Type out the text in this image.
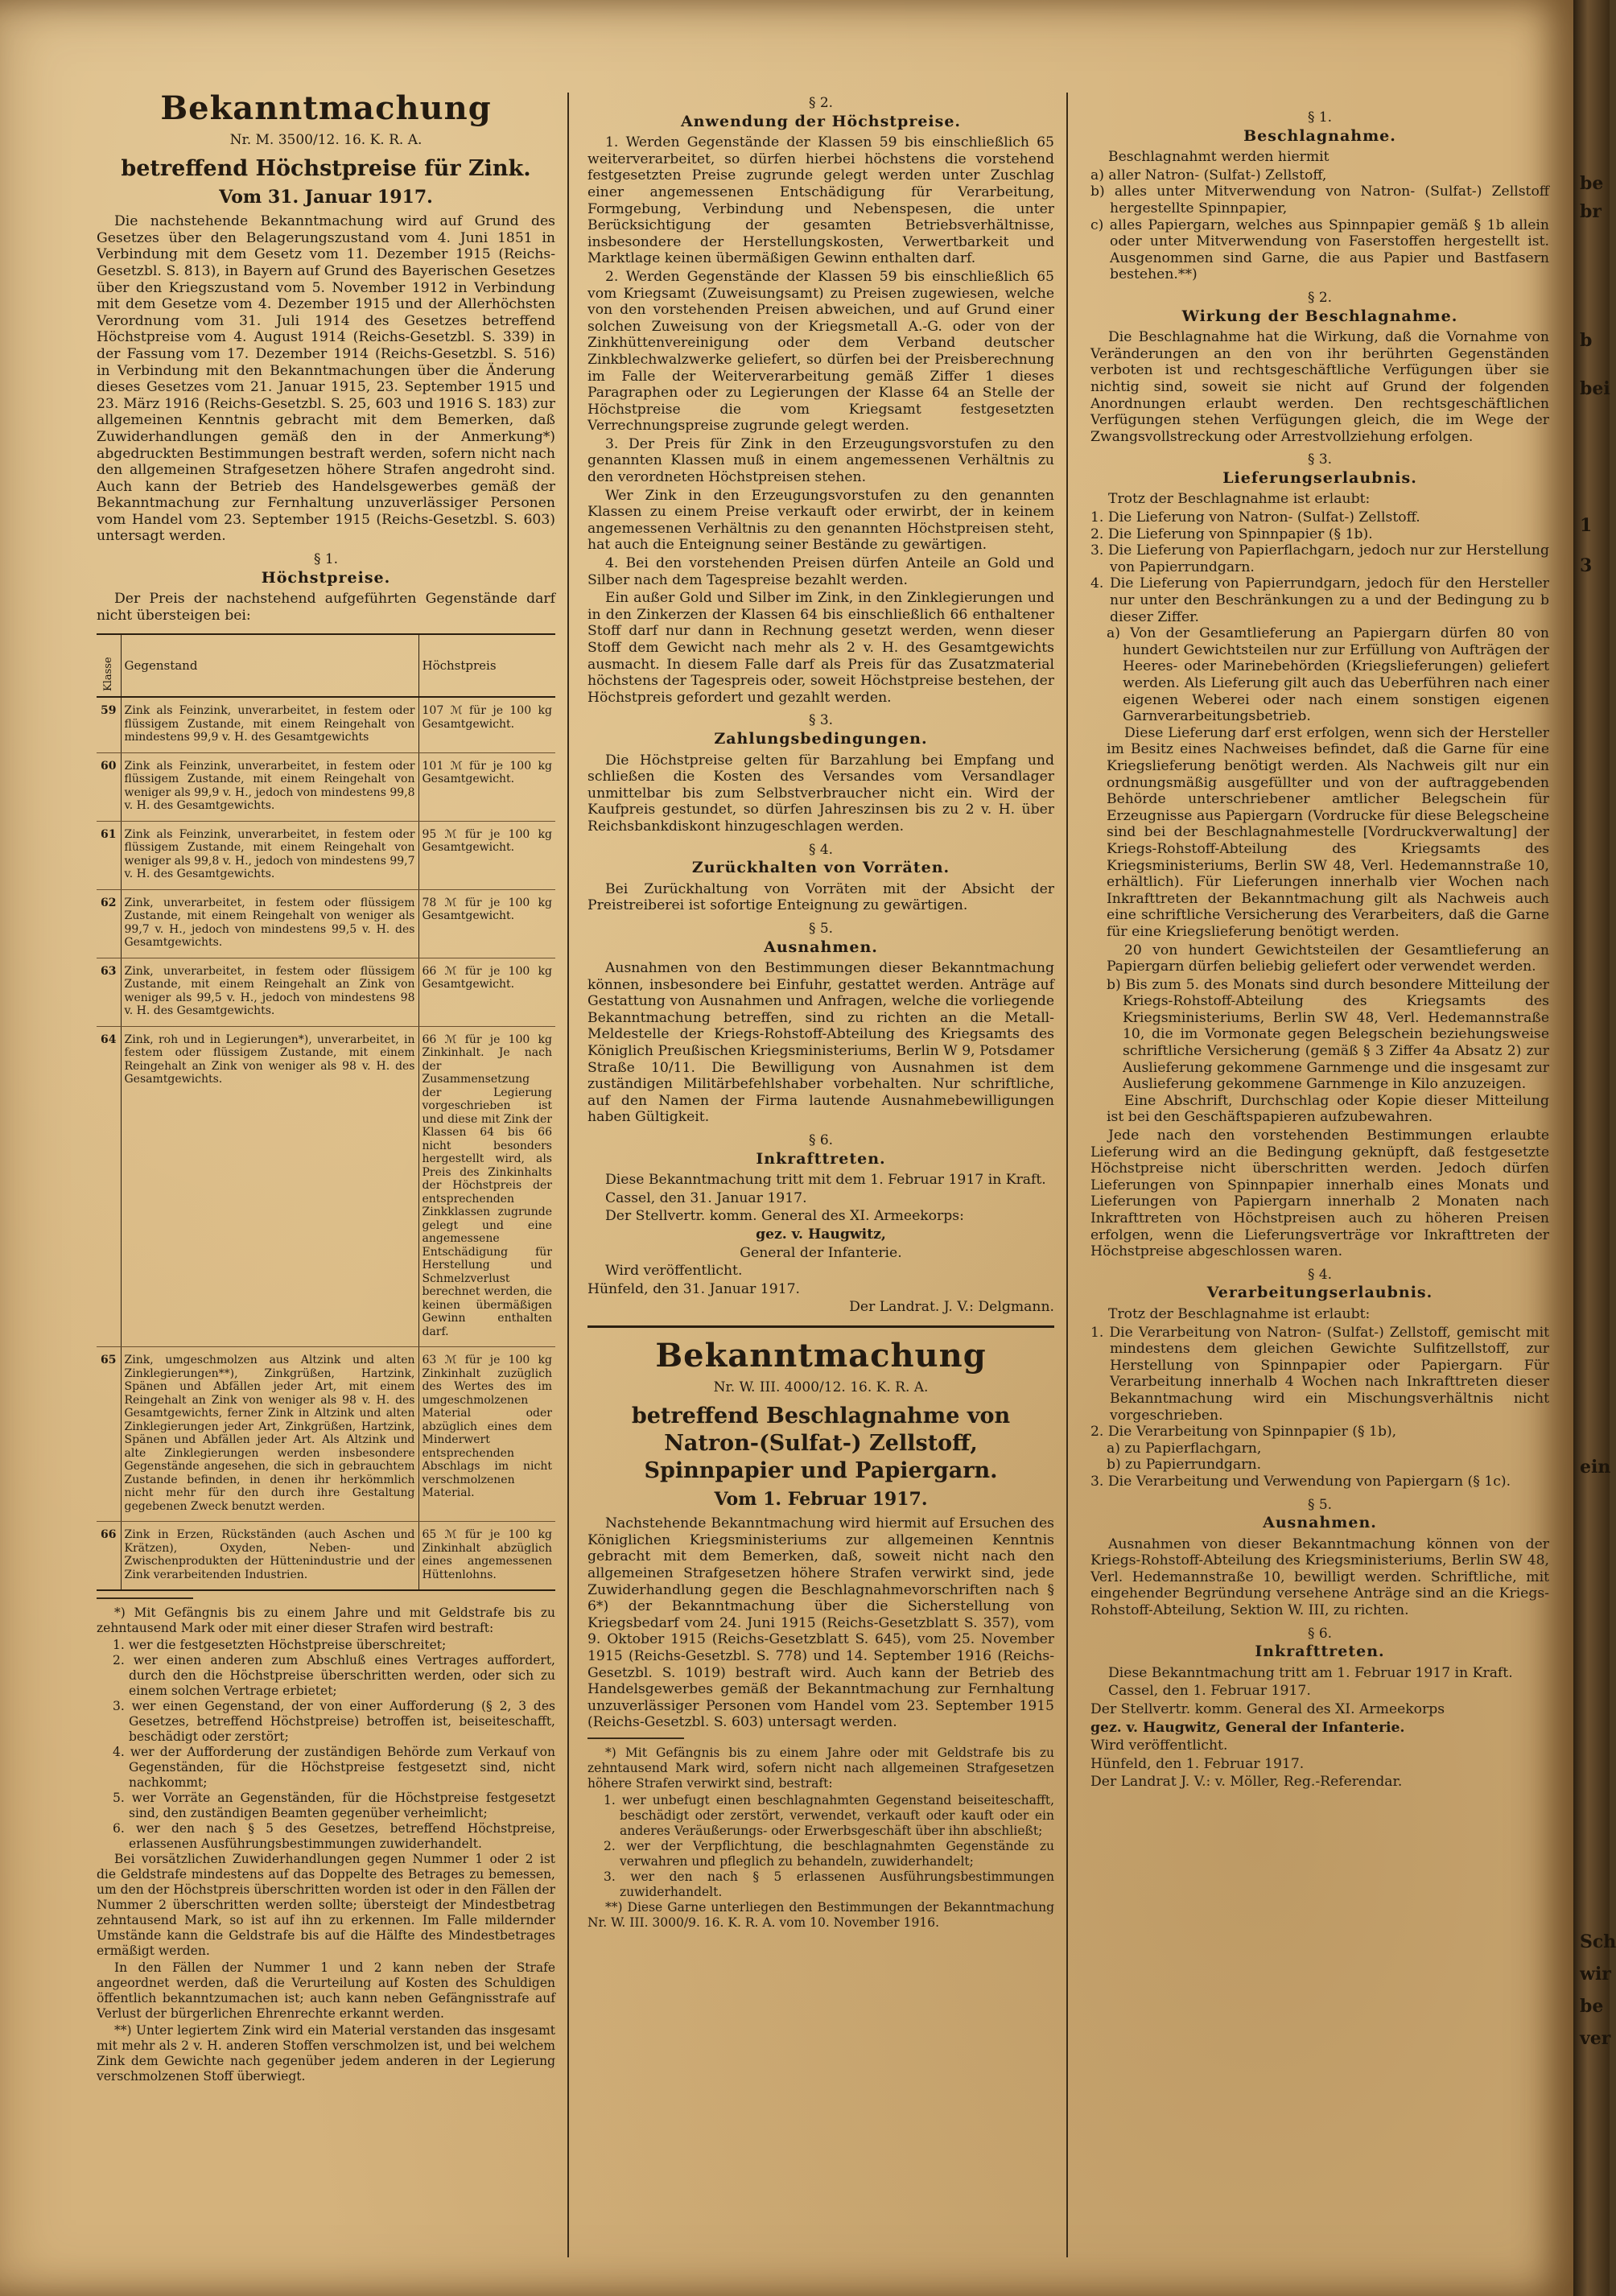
Bekanntmachung
Nr. M. 3500/12. 16. K. R. A.
betreffend Höchstpreise für Zink.
Vom 31. Januar 1917.
Die nachstehende Bekanntmachung wird auf Grund des Gesetzes über den Belagerungszustand vom 4. Juni 1851 in Verbindung mit dem Gesetz vom 11. Dezember 1915 (Reichs-Gesetzbl. S. 813), in Bayern auf Grund des Bayerischen Gesetzes über den Kriegszustand vom 5. November 1912 in Verbindung mit dem Gesetze vom 4. Dezember 1915 und der Allerhöchsten Verordnung vom 31. Juli 1914 des Gesetzes betreffend Höchstpreise vom 4. August 1914 (Reichs-Gesetzbl. S. 339) in der Fassung vom 17. Dezember 1914 (Reichs-Gesetzbl. S. 516) in Verbindung mit den Bekanntmachungen über die Änderung dieses Gesetzes vom 21. Januar 1915, 23. September 1915 und 23. März 1916 (Reichs-Gesetzbl. S. 25, 603 und 1916 S. 183) zur allgemeinen Kenntnis gebracht mit dem Bemerken, daß Zuwiderhandlungen gemäß den in der Anmerkung*) abgedruckten Bestimmungen bestraft werden, sofern nicht nach den allgemeinen Strafgesetzen höhere Strafen angedroht sind. Auch kann der Betrieb des Handelsgewerbes gemäß der Bekanntmachung zur Fernhaltung unzuverlässiger Personen vom Handel vom 23. September 1915 (Reichs-Gesetzbl. S. 603) untersagt werden.
§ 1.
Höchstpreise.
Der Preis der nachstehend aufgeführten Gegenstände darf nicht übersteigen bei:
Klasse	Gegenstand	Höchstpreis
59	Zink als Feinzink, unverarbeitet, in festem oder flüssigem Zustande, mit einem Reingehalt von mindestens 99,9 v. H. des Gesamtgewichts	107 ℳ für je 100 kg Gesamtgewicht.
60	Zink als Feinzink, unverarbeitet, in festem oder flüssigem Zustande, mit einem Reingehalt von weniger als 99,9 v. H., jedoch von mindestens 99,8 v. H. des Gesamtgewichts.	101 ℳ für je 100 kg Gesamtgewicht.
61	Zink als Feinzink, unverarbeitet, in festem oder flüssigem Zustande, mit einem Reingehalt von weniger als 99,8 v. H., jedoch von mindestens 99,7 v. H. des Gesamtgewichts.	95 ℳ für je 100 kg Gesamtgewicht.
62	Zink, unverarbeitet, in festem oder flüssigem Zustande, mit einem Reingehalt von weniger als 99,7 v. H., jedoch von mindestens 99,5 v. H. des Gesamtgewichts.	78 ℳ für je 100 kg Gesamtgewicht.
63	Zink, unverarbeitet, in festem oder flüssigem Zustande, mit einem Reingehalt an Zink von weniger als 99,5 v. H., jedoch von mindestens 98 v. H. des Gesamtgewichts.	66 ℳ für je 100 kg Gesamtgewicht.
64	Zink, roh und in Legierungen*), unverarbeitet, in festem oder flüssigem Zustande, mit einem Reingehalt an Zink von weniger als 98 v. H. des Gesamtgewichts.	66 ℳ für je 100 kg Zinkinhalt. Je nach der Zusammensetzung der Legierung vorgeschrieben ist und diese mit Zink der Klassen 64 bis 66 nicht besonders hergestellt wird, als Preis des Zinkinhalts der Höchstpreis der entsprechenden Zinkklassen zugrunde gelegt und eine angemessene Entschädigung für Herstellung und Schmelzverlust berechnet werden, die keinen übermäßigen Gewinn enthalten darf.
65	Zink, umgeschmolzen aus Altzink und alten Zinklegierungen**), Zinkgrüßen, Hartzink, Spänen und Abfällen jeder Art, mit einem Reingehalt an Zink von weniger als 98 v. H. des Gesamtgewichts, ferner Zink in Altzink und alten Zinklegierungen jeder Art, Zinkgrüßen, Hartzink, Spänen und Abfällen jeder Art. Als Altzink und alte Zinklegierungen werden insbesondere Gegenstände angesehen, die sich in gebrauchtem Zustande befinden, in denen ihr herkömmlich nicht mehr für den durch ihre Gestaltung gegebenen Zweck benutzt werden.	63 ℳ für je 100 kg Zinkinhalt zuzüglich des Wertes des im umgeschmolzenen Material oder abzüglich eines dem Minderwert entsprechenden Abschlags im nicht verschmolzenen Material.
66	Zink in Erzen, Rückständen (auch Aschen und Krätzen), Oxyden, Neben- und Zwischenprodukten der Hüttenindustrie und der Zink verarbeitenden Industrien.	65 ℳ für je 100 kg Zinkinhalt abzüglich eines angemessenen Hüttenlohns.
*) Mit Gefängnis bis zu einem Jahre und mit Geldstrafe bis zu zehntausend Mark oder mit einer dieser Strafen wird bestraft:
1. wer die festgesetzten Höchstpreise überschreitet;
2. wer einen anderen zum Abschluß eines Vertrages auffordert, durch den die Höchstpreise überschritten werden, oder sich zu einem solchen Vertrage erbietet;
3. wer einen Gegenstand, der von einer Aufforderung (§ 2, 3 des Gesetzes, betreffend Höchstpreise) betroffen ist, beiseiteschafft, beschädigt oder zerstört;
4. wer der Aufforderung der zuständigen Behörde zum Verkauf von Gegenständen, für die Höchstpreise festgesetzt sind, nicht nachkommt;
5. wer Vorräte an Gegenständen, für die Höchstpreise festgesetzt sind, den zuständigen Beamten gegenüber verheimlicht;
6. wer den nach § 5 des Gesetzes, betreffend Höchstpreise, erlassenen Ausführungsbestimmungen zuwiderhandelt.
Bei vorsätzlichen Zuwiderhandlungen gegen Nummer 1 oder 2 ist die Geldstrafe mindestens auf das Doppelte des Betrages zu bemessen, um den der Höchstpreis überschritten worden ist oder in den Fällen der Nummer 2 überschritten werden sollte; übersteigt der Mindestbetrag zehntausend Mark, so ist auf ihn zu erkennen. Im Falle mildernder Umstände kann die Geldstrafe bis auf die Hälfte des Mindestbetrages ermäßigt werden.
In den Fällen der Nummer 1 und 2 kann neben der Strafe angeordnet werden, daß die Verurteilung auf Kosten des Schuldigen öffentlich bekanntzumachen ist; auch kann neben Gefängnisstrafe auf Verlust der bürgerlichen Ehrenrechte erkannt werden.
**) Unter legiertem Zink wird ein Material verstanden das insgesamt mit mehr als 2 v. H. anderen Stoffen verschmolzen ist, und bei welchem Zink dem Gewichte nach gegenüber jedem anderen in der Legierung verschmolzenen Stoff überwiegt.
§ 2.
Anwendung der Höchstpreise.
1. Werden Gegenstände der Klassen 59 bis einschließlich 65 weiterverarbeitet, so dürfen hierbei höchstens die vorstehend festgesetzten Preise zugrunde gelegt werden unter Zuschlag einer angemessenen Entschädigung für Verarbeitung, Formgebung, Verbindung und Nebenspesen, die unter Berücksichtigung der gesamten Betriebsverhältnisse, insbesondere der Herstellungskosten, Verwertbarkeit und Marktlage keinen übermäßigen Gewinn enthalten darf.
2. Werden Gegenstände der Klassen 59 bis einschließlich 65 vom Kriegsamt (Zuweisungsamt) zu Preisen zugewiesen, welche von den vorstehenden Preisen abweichen, und auf Grund einer solchen Zuweisung von der Kriegsmetall A.-G. oder von der Zinkhüttenvereinigung oder dem Verband deutscher Zinkblechwalzwerke geliefert, so dürfen bei der Preisberechnung im Falle der Weiterverarbeitung gemäß Ziffer 1 dieses Paragraphen oder zu Legierungen der Klasse 64 an Stelle der Höchstpreise die vom Kriegsamt festgesetzten Verrechnungspreise zugrunde gelegt werden.
3. Der Preis für Zink in den Erzeugungsvorstufen zu den genannten Klassen muß in einem angemessenen Verhältnis zu den verordneten Höchstpreisen stehen.
Wer Zink in den Erzeugungsvorstufen zu den genannten Klassen zu einem Preise verkauft oder erwirbt, der in keinem angemessenen Verhältnis zu den genannten Höchstpreisen steht, hat auch die Enteignung seiner Bestände zu gewärtigen.
4. Bei den vorstehenden Preisen dürfen Anteile an Gold und Silber nach dem Tagespreise bezahlt werden.
Ein außer Gold und Silber im Zink, in den Zinklegierungen und in den Zinkerzen der Klassen 64 bis einschließlich 66 enthaltener Stoff darf nur dann in Rechnung gesetzt werden, wenn dieser Stoff dem Gewicht nach mehr als 2 v. H. des Gesamtgewichts ausmacht. In diesem Falle darf als Preis für das Zusatzmaterial höchstens der Tagespreis oder, soweit Höchstpreise bestehen, der Höchstpreis gefordert und gezahlt werden.
§ 3.
Zahlungsbedingungen.
Die Höchstpreise gelten für Barzahlung bei Empfang und schließen die Kosten des Versandes vom Versandlager unmittelbar bis zum Selbstverbraucher nicht ein. Wird der Kaufpreis gestundet, so dürfen Jahreszinsen bis zu 2 v. H. über Reichsbankdiskont hinzugeschlagen werden.
§ 4.
Zurückhalten von Vorräten.
Bei Zurückhaltung von Vorräten mit der Absicht der Preistreiberei ist sofortige Enteignung zu gewärtigen.
§ 5.
Ausnahmen.
Ausnahmen von den Bestimmungen dieser Bekanntmachung können, insbesondere bei Einfuhr, gestattet werden. Anträge auf Gestattung von Ausnahmen und Anfragen, welche die vorliegende Bekanntmachung betreffen, sind zu richten an die Metall-Meldestelle der Kriegs-Rohstoff-Abteilung des Kriegsamts des Königlich Preußischen Kriegsministeriums, Berlin W 9, Potsdamer Straße 10/11. Die Bewilligung von Ausnahmen ist dem zuständigen Militärbefehlshaber vorbehalten. Nur schriftliche, auf den Namen der Firma lautende Ausnahmebewilligungen haben Gültigkeit.
§ 6.
Inkrafttreten.
Diese Bekanntmachung tritt mit dem 1. Februar 1917 in Kraft.
Cassel, den 31. Januar 1917.
Der Stellvertr. komm. General des XI. Armeekorps:
gez. v. Haugwitz,
General der Infanterie.
Wird veröffentlicht.
Hünfeld, den 31. Januar 1917.
Der Landrat. J. V.: Delgmann.
Bekanntmachung
Nr. W. III. 4000/12. 16. K. R. A.
betreffend Beschlagnahme von Natron-(Sulfat-) Zellstoff, Spinnpapier und Papiergarn.
Vom 1. Februar 1917.
Nachstehende Bekanntmachung wird hiermit auf Ersuchen des Königlichen Kriegsministeriums zur allgemeinen Kenntnis gebracht mit dem Bemerken, daß, soweit nicht nach den allgemeinen Strafgesetzen höhere Strafen verwirkt sind, jede Zuwiderhandlung gegen die Beschlagnahmevorschriften nach § 6*) der Bekanntmachung über die Sicherstellung von Kriegsbedarf vom 24. Juni 1915 (Reichs-Gesetzblatt S. 357), vom 9. Oktober 1915 (Reichs-Gesetzblatt S. 645), vom 25. November 1915 (Reichs-Gesetzbl. S. 778) und 14. September 1916 (Reichs-Gesetzbl. S. 1019) bestraft wird. Auch kann der Betrieb des Handelsgewerbes gemäß der Bekanntmachung zur Fernhaltung unzuverlässiger Personen vom Handel vom 23. September 1915 (Reichs-Gesetzbl. S. 603) untersagt werden.
*) Mit Gefängnis bis zu einem Jahre oder mit Geldstrafe bis zu zehntausend Mark wird, sofern nicht nach allgemeinen Strafgesetzen höhere Strafen verwirkt sind, bestraft:
1. wer unbefugt einen beschlagnahmten Gegenstand beiseiteschafft, beschädigt oder zerstört, verwendet, verkauft oder kauft oder ein anderes Veräußerungs- oder Erwerbsgeschäft über ihn abschließt;
2. wer der Verpflichtung, die beschlagnahmten Gegenstände zu verwahren und pfleglich zu behandeln, zuwiderhandelt;
3. wer den nach § 5 erlassenen Ausführungsbestimmungen zuwiderhandelt.
**) Diese Garne unterliegen den Bestimmungen der Bekanntmachung Nr. W. III. 3000/9. 16. K. R. A. vom 10. November 1916.
§ 1.
Beschlagnahme.
Beschlagnahmt werden hiermit
a) aller Natron- (Sulfat-) Zellstoff,
b) alles unter Mitverwendung von Natron- (Sulfat-) Zellstoff hergestellte Spinnpapier,
c) alles Papiergarn, welches aus Spinnpapier gemäß § 1b allein oder unter Mitverwendung von Faserstoffen hergestellt ist. Ausgenommen sind Garne, die aus Papier und Bastfasern bestehen.**)
§ 2.
Wirkung der Beschlagnahme.
Die Beschlagnahme hat die Wirkung, daß die Vornahme von Veränderungen an den von ihr berührten Gegenständen verboten ist und rechtsgeschäftliche Verfügungen über sie nichtig sind, soweit sie nicht auf Grund der folgenden Anordnungen erlaubt werden. Den rechtsgeschäftlichen Verfügungen stehen Verfügungen gleich, die im Wege der Zwangsvollstreckung oder Arrestvollziehung erfolgen.
§ 3.
Lieferungserlaubnis.
Trotz der Beschlagnahme ist erlaubt:
1. Die Lieferung von Natron- (Sulfat-) Zellstoff.
2. Die Lieferung von Spinnpapier (§ 1b).
3. Die Lieferung von Papierflachgarn, jedoch nur zur Herstellung von Papierrundgarn.
4. Die Lieferung von Papierrundgarn, jedoch für den Hersteller nur unter den Beschränkungen zu a und der Bedingung zu b dieser Ziffer.
a) Von der Gesamtlieferung an Papiergarn dürfen 80 von hundert Gewichtsteilen nur zur Erfüllung von Aufträgen der Heeres- oder Marinebehörden (Kriegslieferungen) geliefert werden. Als Lieferung gilt auch das Ueberführen nach einer eigenen Weberei oder nach einem sonstigen eigenen Garnverarbeitungsbetrieb.
Diese Lieferung darf erst erfolgen, wenn sich der Hersteller im Besitz eines Nachweises befindet, daß die Garne für eine Kriegslieferung benötigt werden. Als Nachweis gilt nur ein ordnungsmäßig ausgefüllter und von der auftraggebenden Behörde unterschriebener amtlicher Belegschein für Erzeugnisse aus Papiergarn (Vordrucke für diese Belegscheine sind bei der Beschlagnahmestelle [Vordruckverwaltung] der Kriegs-Rohstoff-Abteilung des Kriegsamts des Kriegsministeriums, Berlin SW 48, Verl. Hedemannstraße 10, erhältlich). Für Lieferungen innerhalb vier Wochen nach Inkrafttreten der Bekanntmachung gilt als Nachweis auch eine schriftliche Versicherung des Verarbeiters, daß die Garne für eine Kriegslieferung benötigt werden.
20 von hundert Gewichtsteilen der Gesamtlieferung an Papiergarn dürfen beliebig geliefert oder verwendet werden.
b) Bis zum 5. des Monats sind durch besondere Mitteilung der Kriegs-Rohstoff-Abteilung des Kriegsamts des Kriegsministeriums, Berlin SW 48, Verl. Hedemannstraße 10, die im Vormonate gegen Belegschein beziehungsweise schriftliche Versicherung (gemäß § 3 Ziffer 4a Absatz 2) zur Auslieferung gekommene Garnmenge und die insgesamt zur Auslieferung gekommene Garnmenge in Kilo anzuzeigen.
Eine Abschrift, Durchschlag oder Kopie dieser Mitteilung ist bei den Geschäftspapieren aufzubewahren.
Jede nach den vorstehenden Bestimmungen erlaubte Lieferung wird an die Bedingung geknüpft, daß festgesetzte Höchstpreise nicht überschritten werden. Jedoch dürfen Lieferungen von Spinnpapier innerhalb eines Monats und Lieferungen von Papiergarn innerhalb 2 Monaten nach Inkrafttreten von Höchstpreisen auch zu höheren Preisen erfolgen, wenn die Lieferungsverträge vor Inkrafttreten der Höchstpreise abgeschlossen waren.
§ 4.
Verarbeitungserlaubnis.
Trotz der Beschlagnahme ist erlaubt:
1. Die Verarbeitung von Natron- (Sulfat-) Zellstoff, gemischt mit mindestens dem gleichen Gewichte Sulfitzellstoff, zur Herstellung von Spinnpapier oder Papiergarn. Für Verarbeitung innerhalb 4 Wochen nach Inkrafttreten dieser Bekanntmachung wird ein Mischungsverhältnis nicht vorgeschrieben.
2. Die Verarbeitung von Spinnpapier (§ 1b),
a) zu Papierflachgarn,
b) zu Papierrundgarn.
3. Die Verarbeitung und Verwendung von Papiergarn (§ 1c).
§ 5.
Ausnahmen.
Ausnahmen von dieser Bekanntmachung können von der Kriegs-Rohstoff-Abteilung des Kriegsministeriums, Berlin SW 48, Verl. Hedemannstraße 10, bewilligt werden. Schriftliche, mit eingehender Begründung versehene Anträge sind an die Kriegs-Rohstoff-Abteilung, Sektion W. III, zu richten.
§ 6.
Inkrafttreten.
Diese Bekanntmachung tritt am 1. Februar 1917 in Kraft.
Cassel, den 1. Februar 1917.
Der Stellvertr. komm. General des XI. Armeekorps
gez. v. Haugwitz, General der Infanterie.
Wird veröffentlicht.
Hünfeld, den 1. Februar 1917.
Der Landrat J. V.: v. Möller, Reg.-Referendar.
be
br
b
bei
1
3
ein
Sch
wir
be
ver
